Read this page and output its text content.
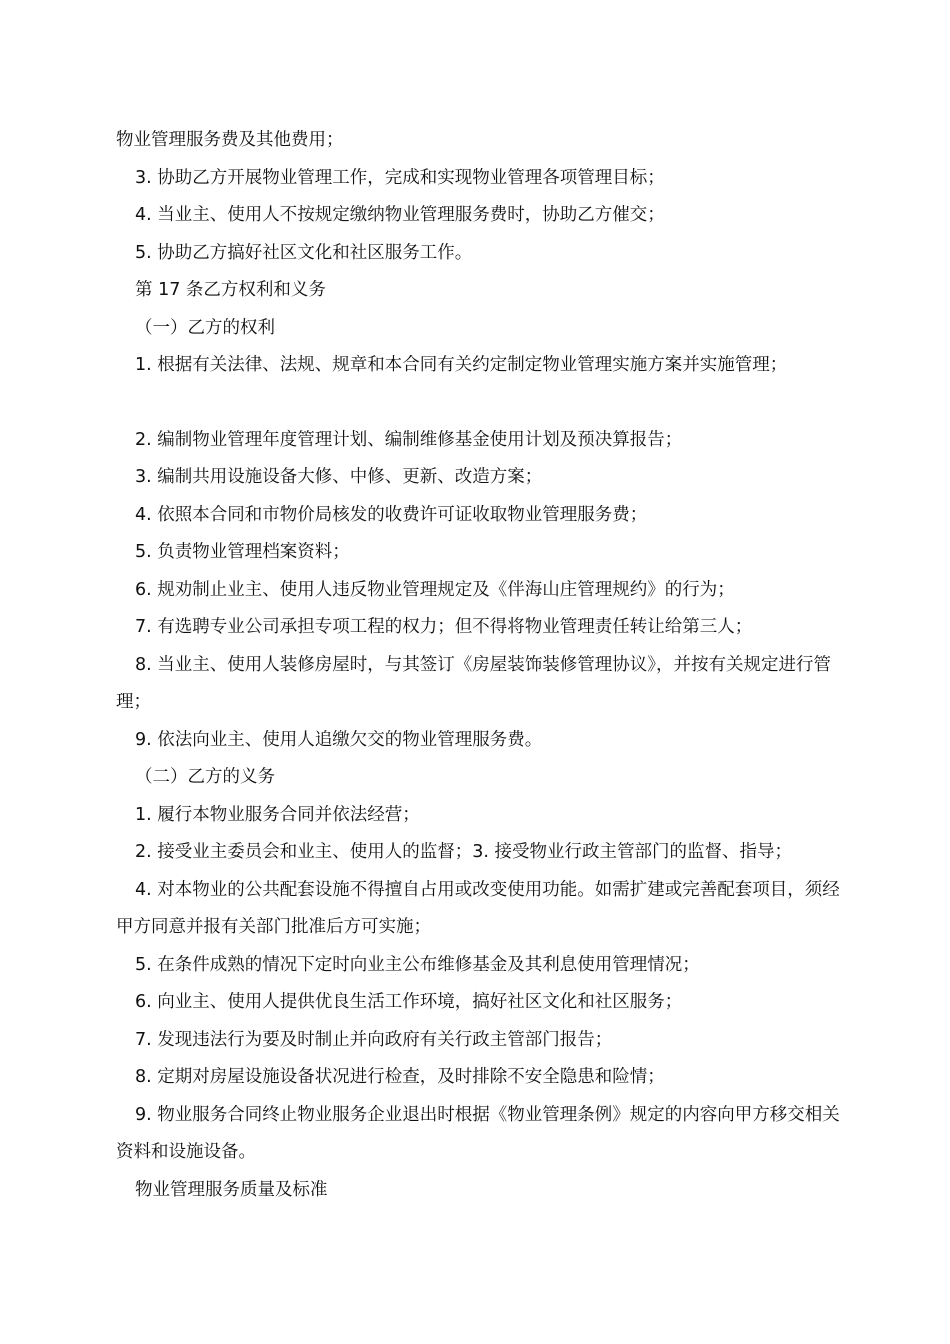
物业管理服务费及其他费用；
3. 协助乙方开展物业管理工作，完成和实现物业管理各项管理目标；
4. 当业主、使用人不按规定缴纳物业管理服务费时，协助乙方催交；
5. 协助乙方搞好社区文化和社区服务工作。
第 17 条乙方权利和义务
（一）乙方的权利
1. 根据有关法律、法规、规章和本合同有关约定制定物业管理实施方案并实施管理；
2. 编制物业管理年度管理计划、编制维修基金使用计划及预决算报告；
3. 编制共用设施设备大修、中修、更新、改造方案；
4. 依照本合同和市物价局核发的收费许可证收取物业管理服务费；
5. 负责物业管理档案资料；
6. 规劝制止业主、使用人违反物业管理规定及《伴海山庄管理规约》的行为；
7. 有选聘专业公司承担专项工程的权力；但不得将物业管理责任转让给第三人；
8. 当业主、使用人装修房屋时，与其签订《房屋装饰装修管理协议》，并按有关规定进行管理；
9. 依法向业主、使用人追缴欠交的物业管理服务费。
（二）乙方的义务
1. 履行本物业服务合同并依法经营；
2. 接受业主委员会和业主、使用人的监督；3. 接受物业行政主管部门的监督、指导；
4. 对本物业的公共配套设施不得擅自占用或改变使用功能。如需扩建或完善配套项目，须经甲方同意并报有关部门批准后方可实施；
5. 在条件成熟的情况下定时向业主公布维修基金及其利息使用管理情况；
6. 向业主、使用人提供优良生活工作环境，搞好社区文化和社区服务；
7. 发现违法行为要及时制止并向政府有关行政主管部门报告；
8. 定期对房屋设施设备状况进行检查，及时排除不安全隐患和险情；
9. 物业服务合同终止物业服务企业退出时根据《物业管理条例》规定的内容向甲方移交相关资料和设施设备。
物业管理服务质量及标准
